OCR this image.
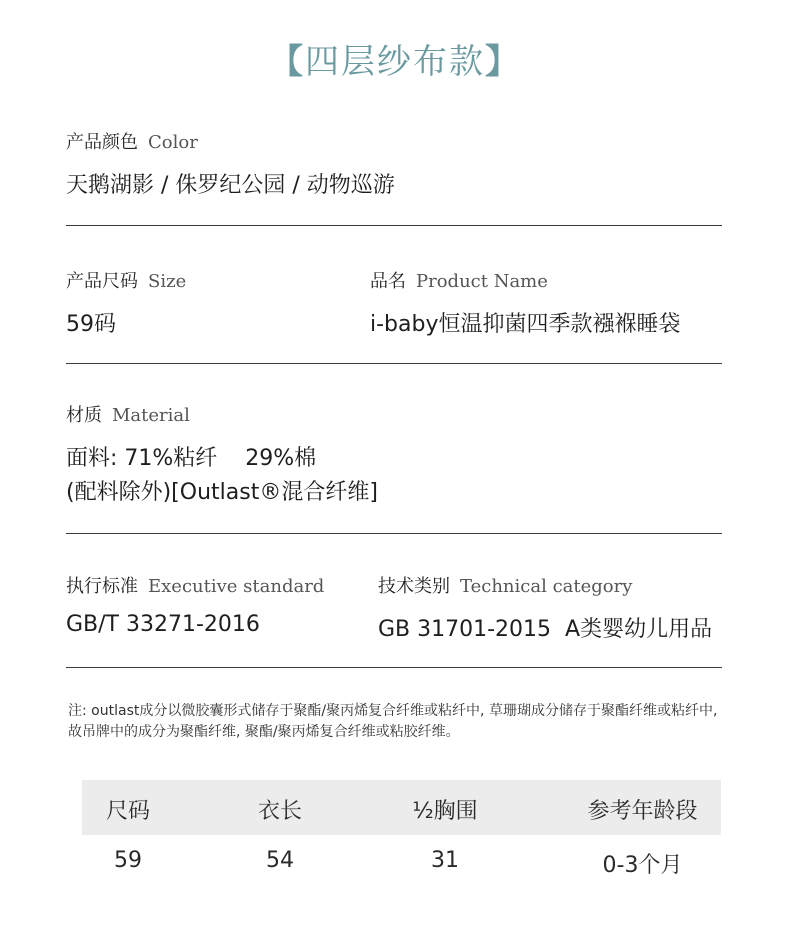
【四层纱布款】
产品颜色 Color
天鹅湖影 / 侏罗纪公园 / 动物巡游
产品尺码 Size
59码
品名 Product Name
i-baby恒温抑菌四季款襁褓睡袋
材质 Material
面料: 71%粘纤    29%棉
(配料除外)[Outlast®混合纤维]
执行标准 Executive standard
GB/T 33271-2016
技术类别 Technical category
GB 31701-2015  A类婴幼儿用品
注: outlast成分以微胶囊形式储存于聚酯/聚丙烯复合纤维或粘纤中, 草珊瑚成分储存于聚酯纤维或粘纤中, 故吊牌中的成分为聚酯纤维, 聚酯/聚丙烯复合纤维或粘胶纤维。
尺码	衣长	½胸围	参考年龄段
59	54	31	0-3个月
